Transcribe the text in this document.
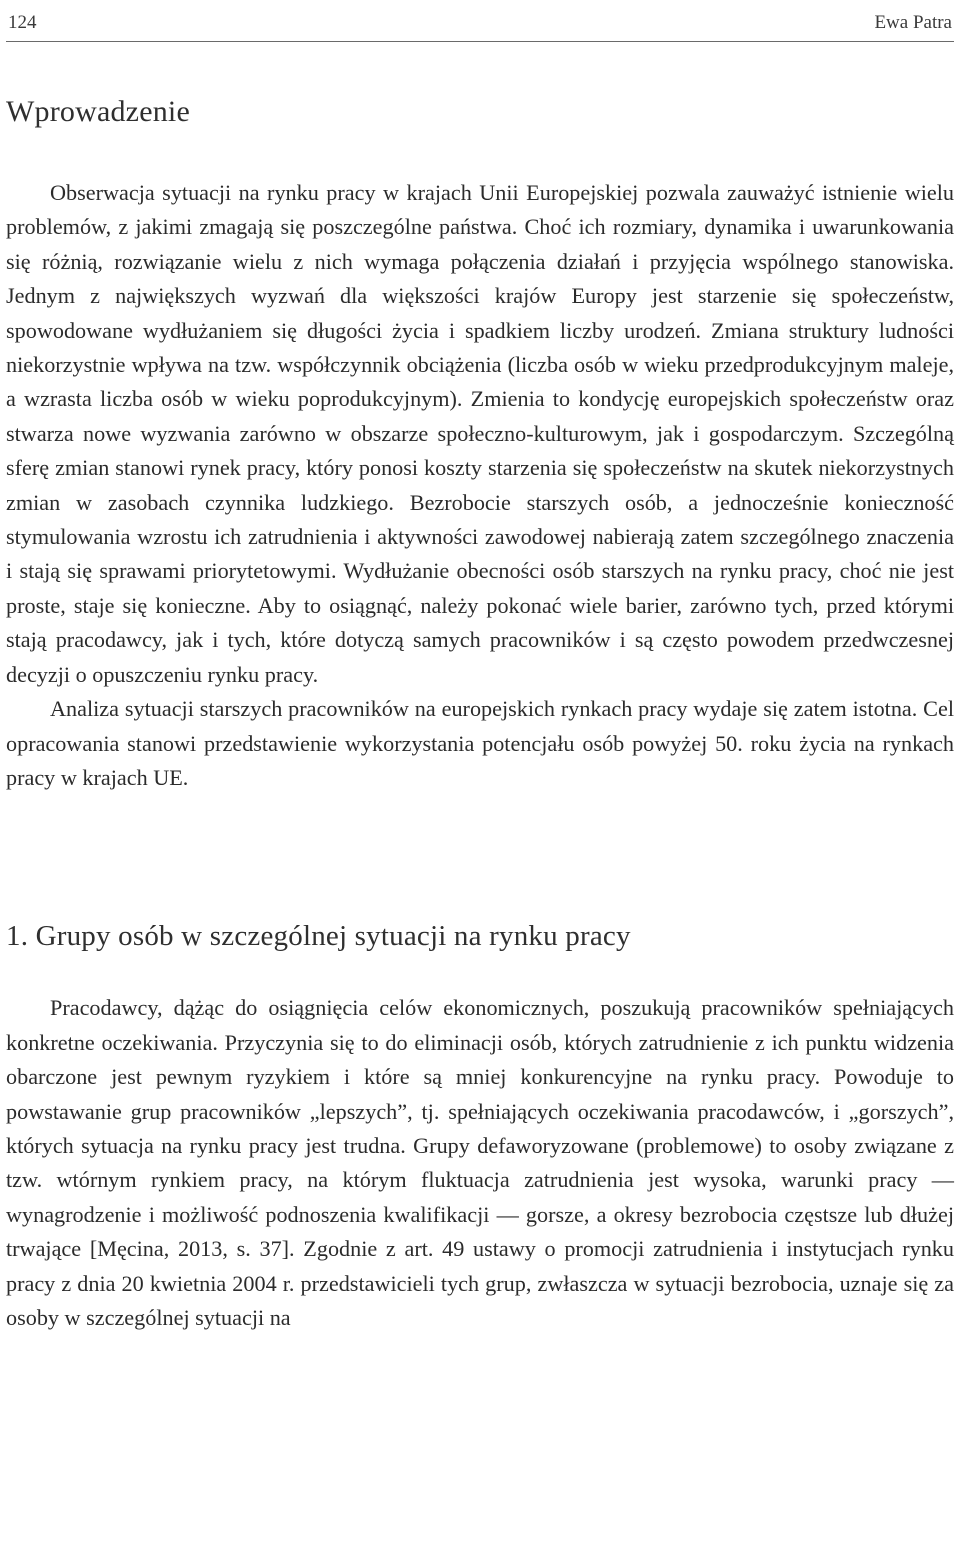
124	Ewa Patra
Wprowadzenie

Obserwacja sytuacji na rynku pracy w krajach Unii Europejskiej pozwala zauważyć istnienie wielu problemów, z jakimi zmagają się poszczególne państwa. Choć ich rozmiary, dynamika i uwarunkowania się różnią, rozwiązanie wielu z nich wymaga połączenia działań i przyjęcia wspólnego stanowiska. Jednym z największych wyzwań dla większości krajów Europy jest starzenie się społeczeństw, spowodowane wydłużaniem się długości życia i spadkiem liczby urodzeń. Zmiana struktury ludności niekorzystnie wpływa na tzw. współczynnik obciążenia (liczba osób w wieku przedprodukcyjnym maleje, a wzrasta liczba osób w wieku poprodukcyjnym). Zmienia to kondycję europejskich społeczeństw oraz stwarza nowe wyzwania zarówno w obszarze społeczno-kulturowym, jak i gospodarczym. Szczególną sferę zmian stanowi rynek pracy, który ponosi koszty starzenia się społeczeństw na skutek niekorzystnych zmian w zasobach czynnika ludzkiego. Bezrobocie starszych osób, a jednocześnie konieczność stymulowania wzrostu ich zatrudnienia i aktywności zawodowej nabierają zatem szczególnego znaczenia i stają się sprawami priorytetowymi. Wydłużanie obecności osób starszych na rynku pracy, choć nie jest proste, staje się konieczne. Aby to osiągnąć, należy pokonać wiele barier, zarówno tych, przed którymi stają pracodawcy, jak i tych, które dotyczą samych pracowników i są często powodem przedwczesnej decyzji o opuszczeniu rynku pracy.

Analiza sytuacji starszych pracowników na europejskich rynkach pracy wydaje się zatem istotna. Cel opracowania stanowi przedstawienie wykorzystania potencjału osób powyżej 50. roku życia na rynkach pracy w krajach UE.

1. Grupy osób w szczególnej sytuacji na rynku pracy

Pracodawcy, dążąc do osiągnięcia celów ekonomicznych, poszukują pracowników spełniających konkretne oczekiwania. Przyczynia się to do eliminacji osób, których zatrudnienie z ich punktu widzenia obarczone jest pewnym ryzykiem i które są mniej konkurencyjne na rynku pracy. Powoduje to powstawanie grup pracowników „lepszych”, tj. spełniających oczekiwania pracodawców, i „gorszych”, których sytuacja na rynku pracy jest trudna. Grupy defaworyzowane (problemowe) to osoby związane z tzw. wtórnym rynkiem pracy, na którym fluktuacja zatrudnienia jest wysoka, warunki pracy — wynagrodzenie i możliwość podnoszenia kwalifikacji — gorsze, a okresy bezrobocia częstsze lub dłużej trwające [Męcina, 2013, s. 37]. Zgodnie z art. 49 ustawy o promocji zatrudnienia i instytucjach rynku pracy z dnia 20 kwietnia 2004 r. przedstawicieli tych grup, zwłaszcza w sytuacji bezrobocia, uznaje się za osoby w szczególnej sytuacji na
